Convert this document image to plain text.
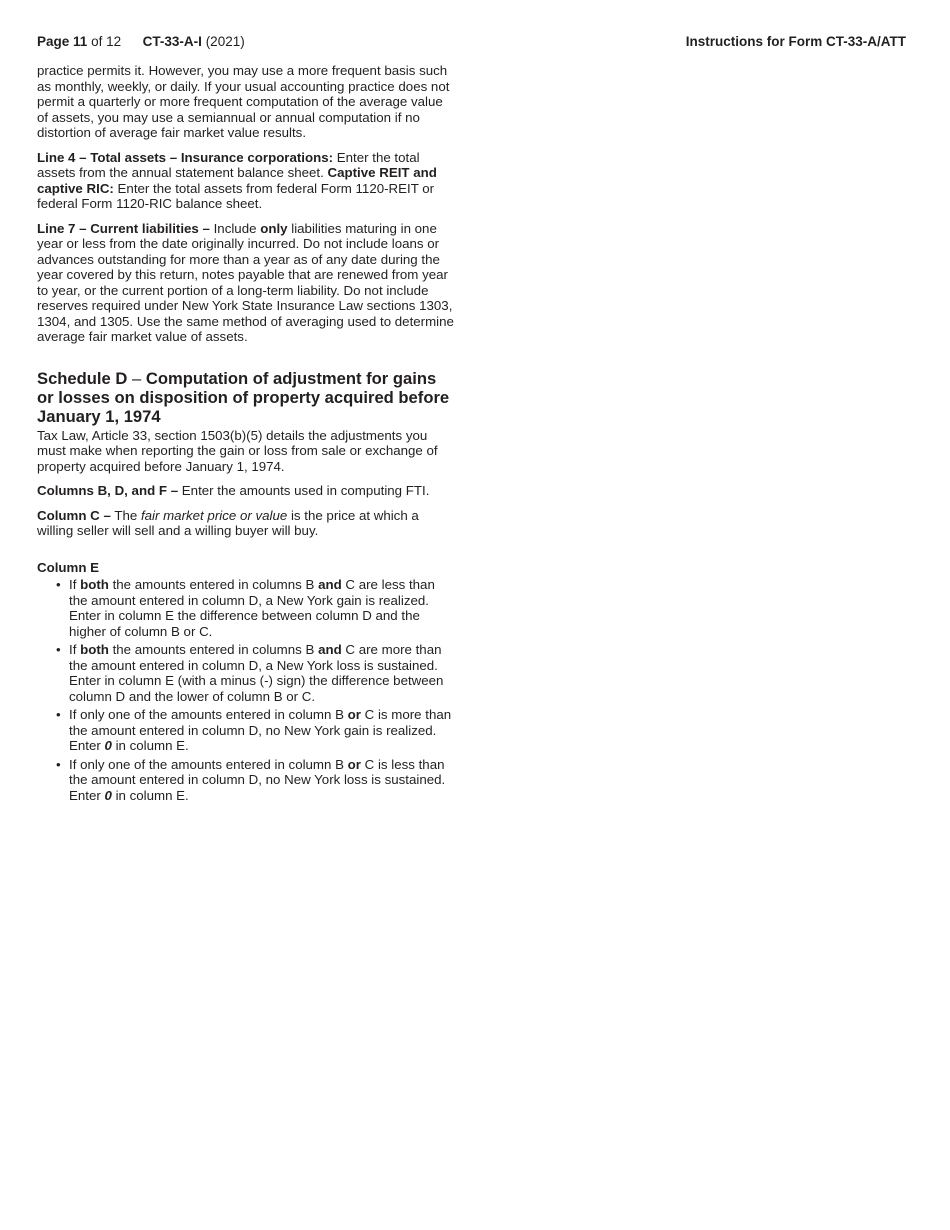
Page 11 of 12 CT-33-A-I (2021)	Instructions for Form CT-33-A/ATT

practice permits it. However, you may use a more frequent basis such as monthly, weekly, or daily. If your usual accounting practice does not permit a quarterly or more frequent computation of the average value of assets, you may use a semiannual or annual computation if no distortion of average fair market value results.

Line 4 – Total assets – Insurance corporations: Enter the total assets from the annual statement balance sheet. Captive REIT and captive RIC: Enter the total assets from federal Form 1120-REIT or federal Form 1120-RIC balance sheet.

Line 7 – Current liabilities – Include only liabilities maturing in one year or less from the date originally incurred. Do not include loans or advances outstanding for more than a year as of any date during the year covered by this return, notes payable that are renewed from year to year, or the current portion of a long-term liability. Do not include reserves required under New York State Insurance Law sections 1303, 1304, and 1305. Use the same method of averaging used to determine average fair market value of assets.

Schedule D – Computation of adjustment for gains or losses on disposition of property acquired before January 1, 1974

Tax Law, Article 33, section 1503(b)(5) details the adjustments you must make when reporting the gain or loss from sale or exchange of property acquired before January 1, 1974.

Columns B, D, and F – Enter the amounts used in computing FTI.

Column C – The fair market price or value is the price at which a willing seller will sell and a willing buyer will buy.

Column E
• If both the amounts entered in columns B and C are less than the amount entered in column D, a New York gain is realized. Enter in column E the difference between column D and the higher of column B or C.
• If both the amounts entered in columns B and C are more than the amount entered in column D, a New York loss is sustained. Enter in column E (with a minus (-) sign) the difference between column D and the lower of column B or C.
• If only one of the amounts entered in column B or C is more than the amount entered in column D, no New York gain is realized. Enter 0 in column E.
• If only one of the amounts entered in column B or C is less than the amount entered in column D, no New York loss is sustained. Enter 0 in column E.
